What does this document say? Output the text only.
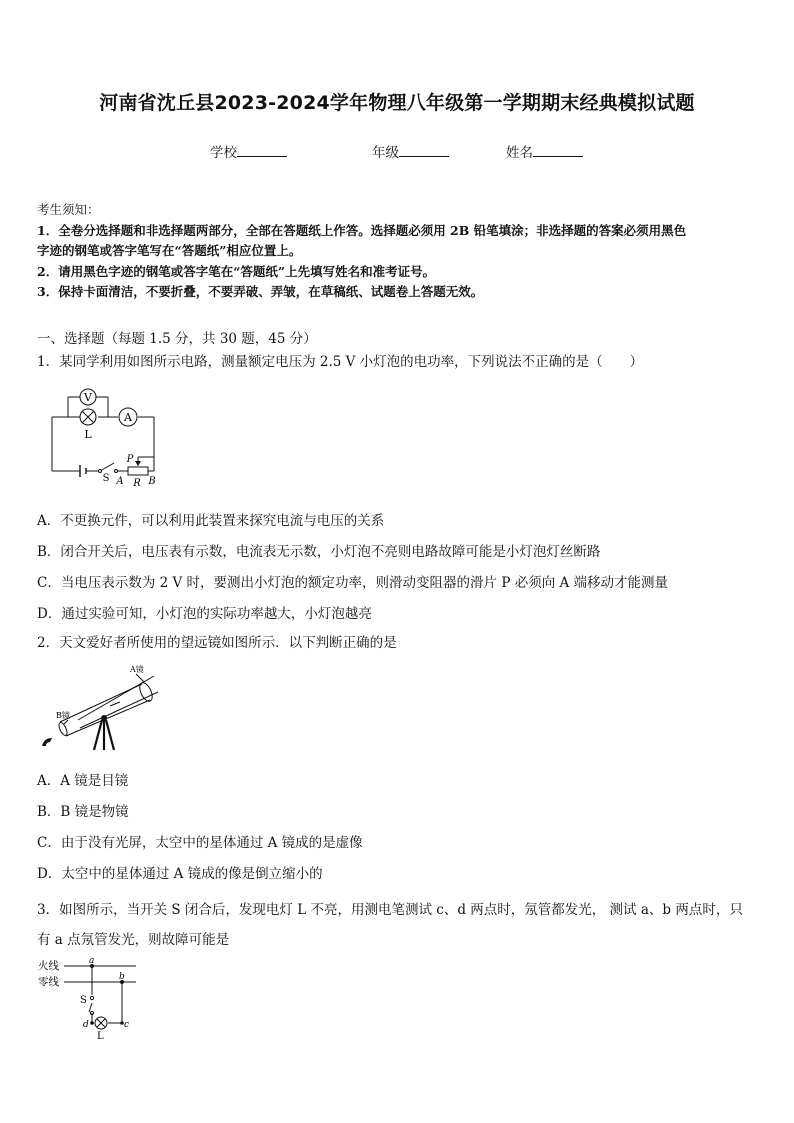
河南省沈丘县2023-2024学年物理八年级第一学期期末经典模拟试题
学校	年级	姓名
考生须知：
1．全卷分选择题和非选择题两部分，全部在答题纸上作答。选择题必须用 2B 铅笔填涂；非选择题的答案必须用黑色
字迹的钢笔或答字笔写在“答题纸”相应位置上。
2．请用黑色字迹的钢笔或答字笔在“答题纸”上先填写姓名和准考证号。
3．保持卡面清洁，不要折叠，不要弄破、弄皱，在草稿纸、试题卷上答题无效。
一、选择题（每题 1.5 分，共 30 题，45 分）
1．某同学利用如图所示电路，测量额定电压为 2.5 V 小灯泡的电功率，下列说法不正确的是（　　）
V
A
L
S
P
A R B
A．不更换元件，可以利用此装置来探究电流与电压的关系
B．闭合开关后，电压表有示数，电流表无示数，小灯泡不亮则电路故障可能是小灯泡灯丝断路
C．当电压表示数为 2 V 时，要测出小灯泡的额定功率，则滑动变阻器的滑片 P 必须向 A 端移动才能测量
D．通过实验可知，小灯泡的实际功率越大，小灯泡越亮
2．天文爱好者所使用的望远镜如图所示．以下判断正确的是
A镜
B镜
A．A 镜是目镜
B．B 镜是物镜
C．由于没有光屏，太空中的星体通过 A 镜成的是虚像
D．太空中的星体通过 A 镜成的像是倒立缩小的
3．如图所示，当开关 S 闭合后，发现电灯 L 不亮，用测电笔测试 c、d 两点时，氖管都发光， 测试 a、b 两点时，只
有 a 点氖管发光，则故障可能是
火线
零线
a
b
c
d
S
L
